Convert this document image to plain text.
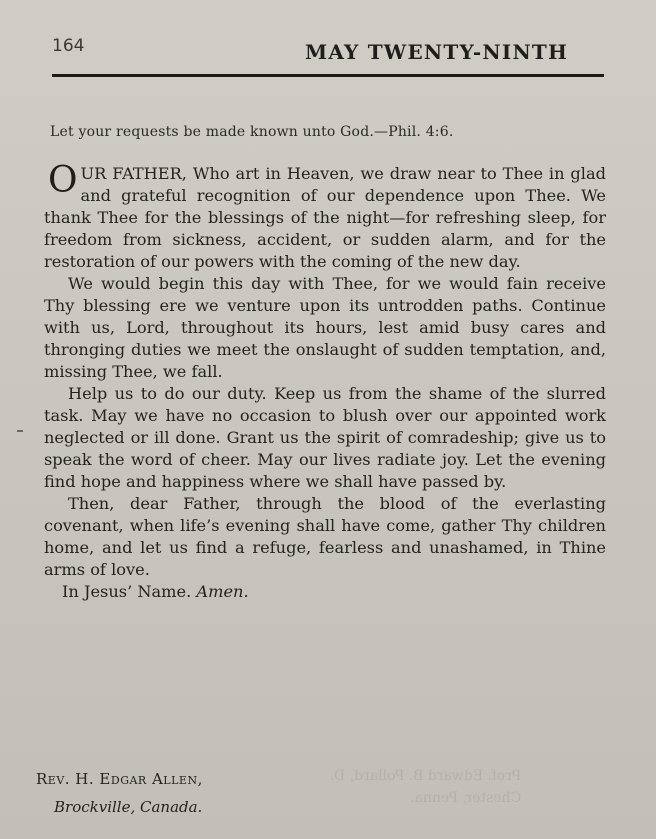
164	MAY TWENTY-NINTH
Let your requests be made known unto God.—Phil. 4:6.

OUR FATHER, Who art in Heaven, we draw near to Thee in glad and grateful recognition of our dependence upon Thee. We thank Thee for the blessings of the night—for refreshing sleep, for freedom from sickness, accident, or sudden alarm, and for the restoration of our powers with the coming of the new day.

We would begin this day with Thee, for we would fain receive Thy blessing ere we venture upon its untrodden paths. Continue with us, Lord, throughout its hours, lest amid busy cares and thronging duties we meet the onslaught of sudden temptation, and, missing Thee, we fall.

Help us to do our duty. Keep us from the shame of the slurred task. May we have no occasion to blush over our appointed work neglected or ill done. Grant us the spirit of comradeship; give us to speak the word of cheer. May our lives radiate joy. Let the evening find hope and happiness where we shall have passed by.

Then, dear Father, through the blood of the everlasting covenant, when life’s evening shall have come, gather Thy children home, and let us find a refuge, fearless and unashamed, in Thine arms of love.

In Jesus’ Name. Amen.

Rev. H. Edgar Allen,
Brockville, Canada.
Prof. Edward B. Pollard, D.
Chester, Penna.
